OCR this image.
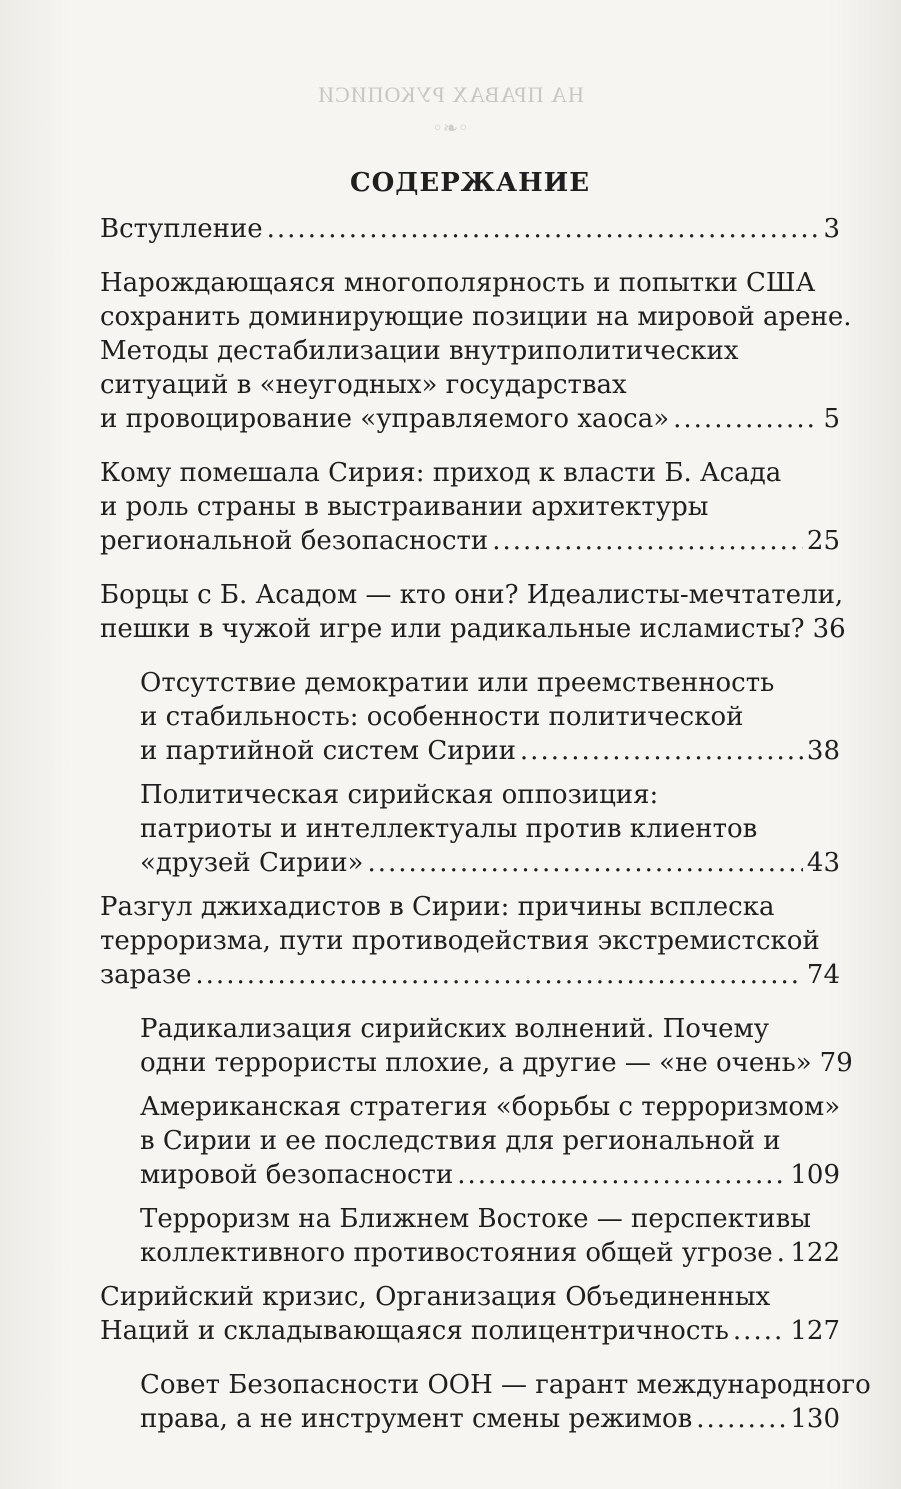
НА ПРАВАХ РУКОПИСИ
◦❧◦
СОДЕРЖАНИЕ
Вступление .....	3
Нарождающаяся многополярность и попытки США
сохранить доминирующие позиции на мировой арене.
Методы дестабилизации внутриполитических
ситуаций в «неугодных» государствах
и провоцирование «управляемого хаоса» .....	5
Кому помешала Сирия: приход к власти Б. Асада
и роль страны в выстраивании архитектуры
региональной безопасности .....	25
Борцы с Б. Асадом — кто они? Идеалисты-мечтатели,
пешки в чужой игре или радикальные исламисты? 36
Отсутствие демократии или преемственность
и стабильность: особенности политической
и партийной систем Сирии .....	38
Политическая сирийская оппозиция:
патриоты и интеллектуалы против клиентов
«друзей Сирии» .....	43
Разгул джихадистов в Сирии: причины всплеска
терроризма, пути противодействия экстремистской
заразе .....	74
Радикализация сирийских волнений. Почему
одни террористы плохие, а другие — «не очень» 79
Американская стратегия «борьбы с терроризмом»
в Сирии и ее последствия для региональной и
мировой безопасности .....	109
Терроризм на Ближнем Востоке — перспективы
коллективного противостояния общей угрозе ..... 122
Сирийский кризис, Организация Объединенных
Наций и складывающаяся полицентричность ..... 127
Совет Безопасности ООН — гарант международного
права, а не инструмент смены режимов .....	130
